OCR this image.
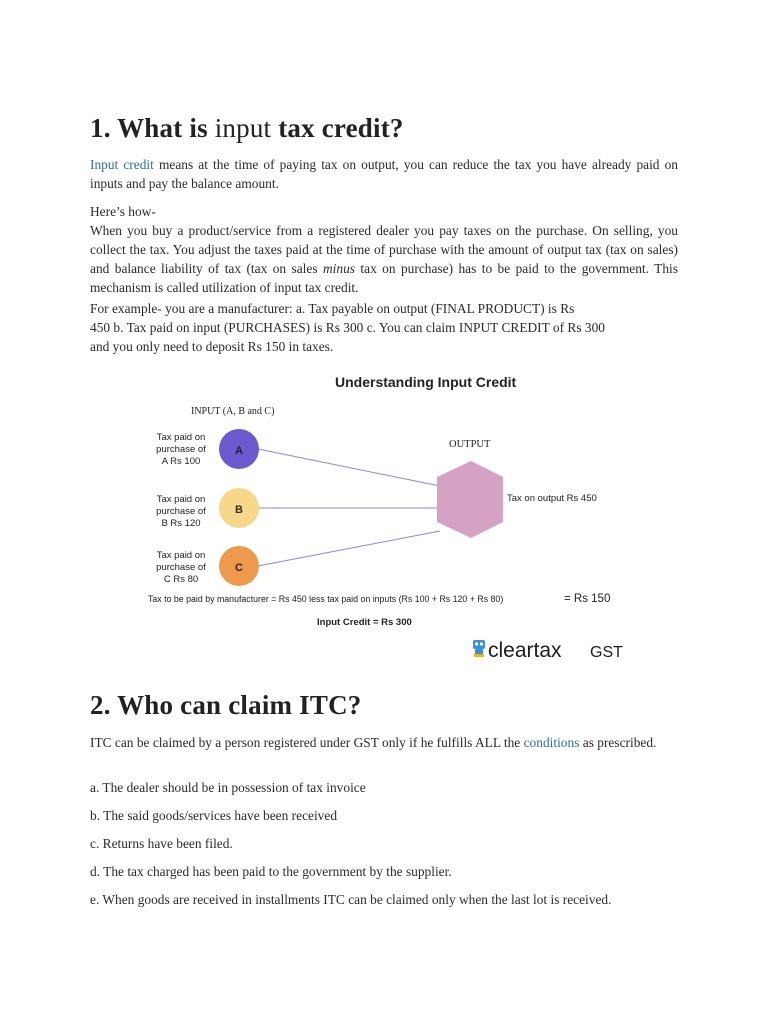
1. What is input tax credit?

Input credit means at the time of paying tax on output, you can reduce the tax you have already paid on inputs and pay the balance amount.

Here’s how-

When you buy a product/service from a registered dealer you pay taxes on the purchase. On selling, you collect the tax. You adjust the taxes paid at the time of purchase with the amount of output tax (tax on sales) and balance liability of tax (tax on sales minus tax on purchase) has to be paid to the government. This mechanism is called utilization of input tax credit.

For example- you are a manufacturer: a. Tax payable on output (FINAL PRODUCT) is Rs

450 b. Tax paid on input (PURCHASES) is Rs 300 c. You can claim INPUT CREDIT of Rs 300

and you only need to deposit Rs 150 in taxes.

Understanding Input Credit
INPUT (A, B and C)
OUTPUT
Tax paid on
purchase of
A Rs 100
A
Tax paid on
purchase of
B Rs 120
B
Tax paid on
purchase of
C Rs 80
C
Tax on output Rs 450
Tax to be paid by manufacturer = Rs 450 less tax paid on inputs (Rs 100 + Rs 120 + Rs 80)	= Rs 150
Input Credit = Rs 300
cleartax GST
2. Who can claim ITC?

ITC can be claimed by a person registered under GST only if he fulfills ALL the conditions as prescribed.

a. The dealer should be in possession of tax invoice

b. The said goods/services have been received

c. Returns have been filed.

d. The tax charged has been paid to the government by the supplier.

e. When goods are received in installments ITC can be claimed only when the last lot is received.
